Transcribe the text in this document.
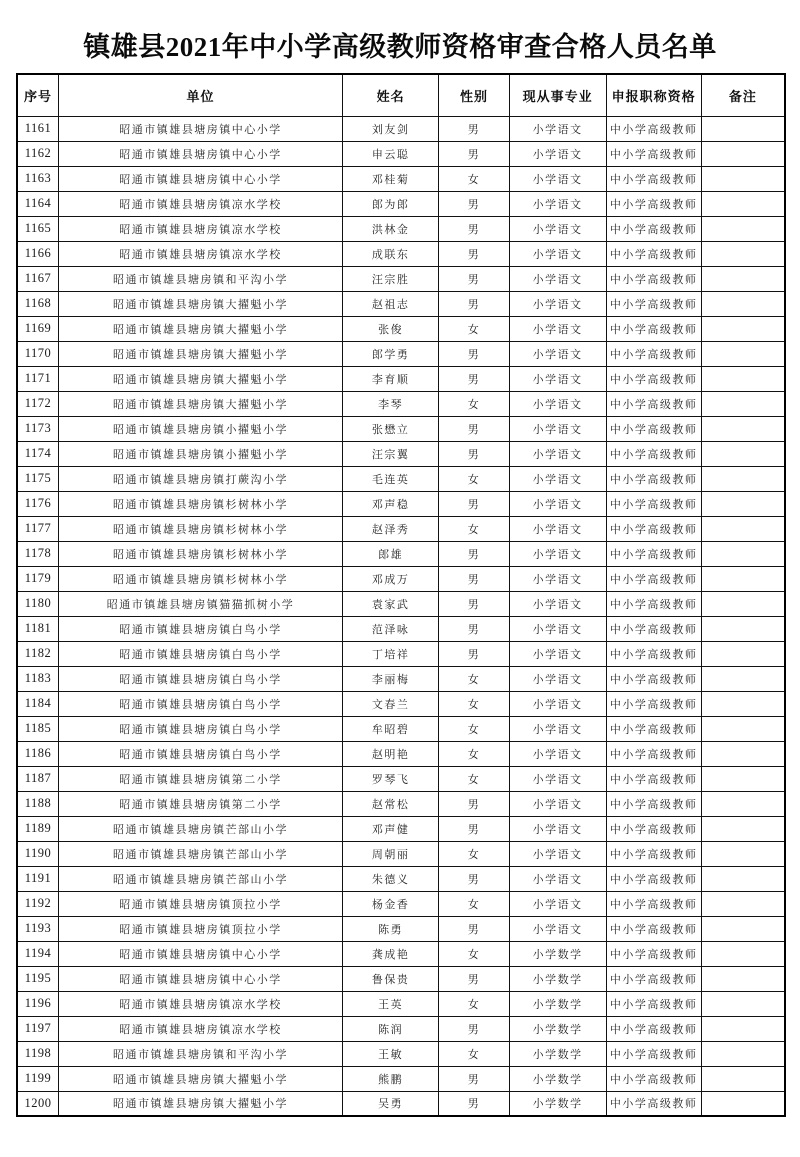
镇雄县2021年中小学高级教师资格审查合格人员名单
序号	单位	姓名	性别	现从事专业	申报职称资格	备注
1161	昭通市镇雄县塘房镇中心小学	刘友剑	男	小学语文	中小学高级教师	
1162	昭通市镇雄县塘房镇中心小学	申云聪	男	小学语文	中小学高级教师	
1163	昭通市镇雄县塘房镇中心小学	邓桂菊	女	小学语文	中小学高级教师	
1164	昭通市镇雄县塘房镇凉水学校	郎为郎	男	小学语文	中小学高级教师	
1165	昭通市镇雄县塘房镇凉水学校	洪林金	男	小学语文	中小学高级教师	
1166	昭通市镇雄县塘房镇凉水学校	成联东	男	小学语文	中小学高级教师	
1167	昭通市镇雄县塘房镇和平沟小学	汪宗胜	男	小学语文	中小学高级教师	
1168	昭通市镇雄县塘房镇大擢魁小学	赵祖志	男	小学语文	中小学高级教师	
1169	昭通市镇雄县塘房镇大擢魁小学	张俊	女	小学语文	中小学高级教师	
1170	昭通市镇雄县塘房镇大擢魁小学	郎学勇	男	小学语文	中小学高级教师	
1171	昭通市镇雄县塘房镇大擢魁小学	李育顺	男	小学语文	中小学高级教师	
1172	昭通市镇雄县塘房镇大擢魁小学	李琴	女	小学语文	中小学高级教师	
1173	昭通市镇雄县塘房镇小擢魁小学	张懋立	男	小学语文	中小学高级教师	
1174	昭通市镇雄县塘房镇小擢魁小学	汪宗翼	男	小学语文	中小学高级教师	
1175	昭通市镇雄县塘房镇打蕨沟小学	毛连英	女	小学语文	中小学高级教师	
1176	昭通市镇雄县塘房镇杉树林小学	邓声稳	男	小学语文	中小学高级教师	
1177	昭通市镇雄县塘房镇杉树林小学	赵泽秀	女	小学语文	中小学高级教师	
1178	昭通市镇雄县塘房镇杉树林小学	郎雄	男	小学语文	中小学高级教师	
1179	昭通市镇雄县塘房镇杉树林小学	邓成万	男	小学语文	中小学高级教师	
1180	昭通市镇雄县塘房镇猫猫抓树小学	袁家武	男	小学语文	中小学高级教师	
1181	昭通市镇雄县塘房镇白鸟小学	范泽咏	男	小学语文	中小学高级教师	
1182	昭通市镇雄县塘房镇白鸟小学	丁培祥	男	小学语文	中小学高级教师	
1183	昭通市镇雄县塘房镇白鸟小学	李丽梅	女	小学语文	中小学高级教师	
1184	昭通市镇雄县塘房镇白鸟小学	文春兰	女	小学语文	中小学高级教师	
1185	昭通市镇雄县塘房镇白鸟小学	牟昭碧	女	小学语文	中小学高级教师	
1186	昭通市镇雄县塘房镇白鸟小学	赵明艳	女	小学语文	中小学高级教师	
1187	昭通市镇雄县塘房镇第二小学	罗琴飞	女	小学语文	中小学高级教师	
1188	昭通市镇雄县塘房镇第二小学	赵常松	男	小学语文	中小学高级教师	
1189	昭通市镇雄县塘房镇芒部山小学	邓声健	男	小学语文	中小学高级教师	
1190	昭通市镇雄县塘房镇芒部山小学	周朝丽	女	小学语文	中小学高级教师	
1191	昭通市镇雄县塘房镇芒部山小学	朱德义	男	小学语文	中小学高级教师	
1192	昭通市镇雄县塘房镇顶拉小学	杨金香	女	小学语文	中小学高级教师	
1193	昭通市镇雄县塘房镇顶拉小学	陈勇	男	小学语文	中小学高级教师	
1194	昭通市镇雄县塘房镇中心小学	龚成艳	女	小学数学	中小学高级教师	
1195	昭通市镇雄县塘房镇中心小学	鲁保贵	男	小学数学	中小学高级教师	
1196	昭通市镇雄县塘房镇凉水学校	王英	女	小学数学	中小学高级教师	
1197	昭通市镇雄县塘房镇凉水学校	陈润	男	小学数学	中小学高级教师	
1198	昭通市镇雄县塘房镇和平沟小学	王敏	女	小学数学	中小学高级教师	
1199	昭通市镇雄县塘房镇大擢魁小学	熊鹏	男	小学数学	中小学高级教师	
1200	昭通市镇雄县塘房镇大擢魁小学	吴勇	男	小学数学	中小学高级教师	
